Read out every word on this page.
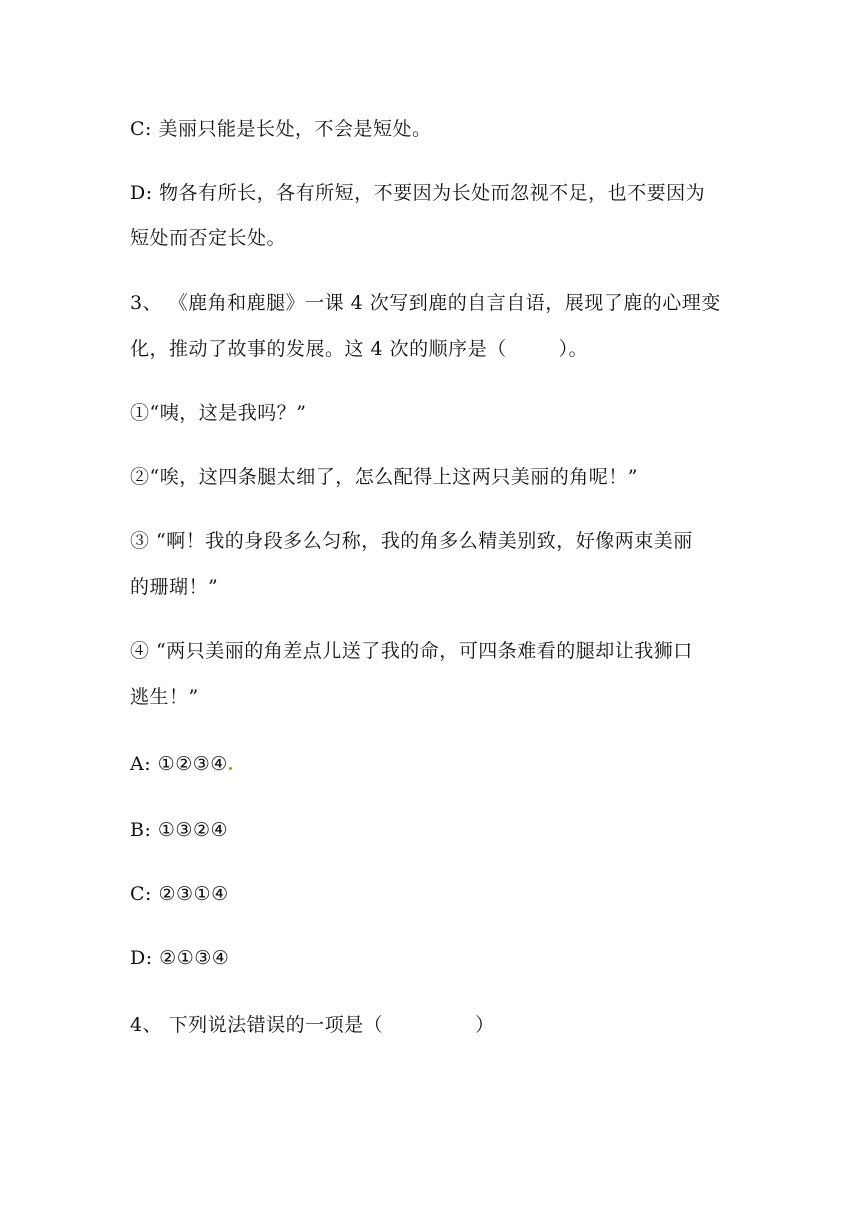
C: 美丽只能是长处，不会是短处。
D: 物各有所长，各有所短，不要因为长处而忽视不足，也不要因为
短处而否定长处。
3、 《鹿角和鹿腿》一课 4 次写到鹿的自言自语，展现了鹿的心理变
化，推动了故事的发展。这 4 次的顺序是（	）。
①“咦，这是我吗？”
②“唉，这四条腿太细了，怎么配得上这两只美丽的角呢！”
③ “啊！我的身段多么匀称，我的角多么精美别致，好像两束美丽
的珊瑚！”
④ “两只美丽的角差点儿送了我的命，可四条难看的腿却让我狮口
逃生！”
A: ①②③④
B: ①③②④
C: ②③①④
D: ②①③④
4、 下列说法错误的一项是（	）
